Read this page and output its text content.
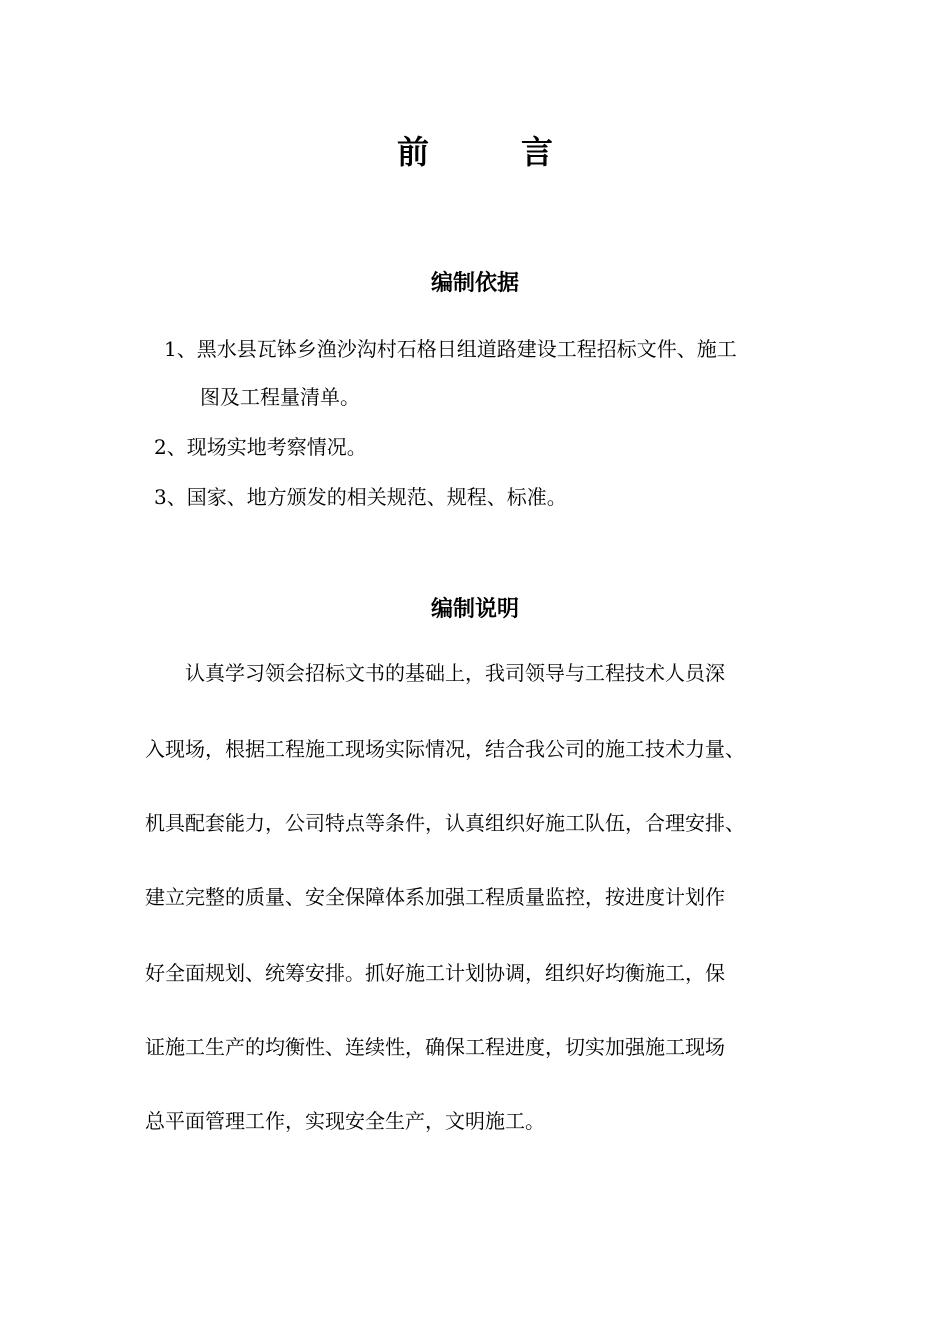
前　言
编制依据

1、黑水县瓦钵乡渔沙沟村石格日组道路建设工程招标文件、施工

图及工程量清单。

2、现场实地考察情况。

3、国家、地方颁发的相关规范、规程、标准。

编制说明

认真学习领会招标文书的基础上，我司领导与工程技术人员深

入现场，根据工程施工现场实际情况，结合我公司的施工技术力量、

机具配套能力，公司特点等条件，认真组织好施工队伍，合理安排、

建立完整的质量、安全保障体系加强工程质量监控，按进度计划作

好全面规划、统筹安排。抓好施工计划协调，组织好均衡施工，保

证施工生产的均衡性、连续性，确保工程进度，切实加强施工现场

总平面管理工作，实现安全生产，文明施工。
